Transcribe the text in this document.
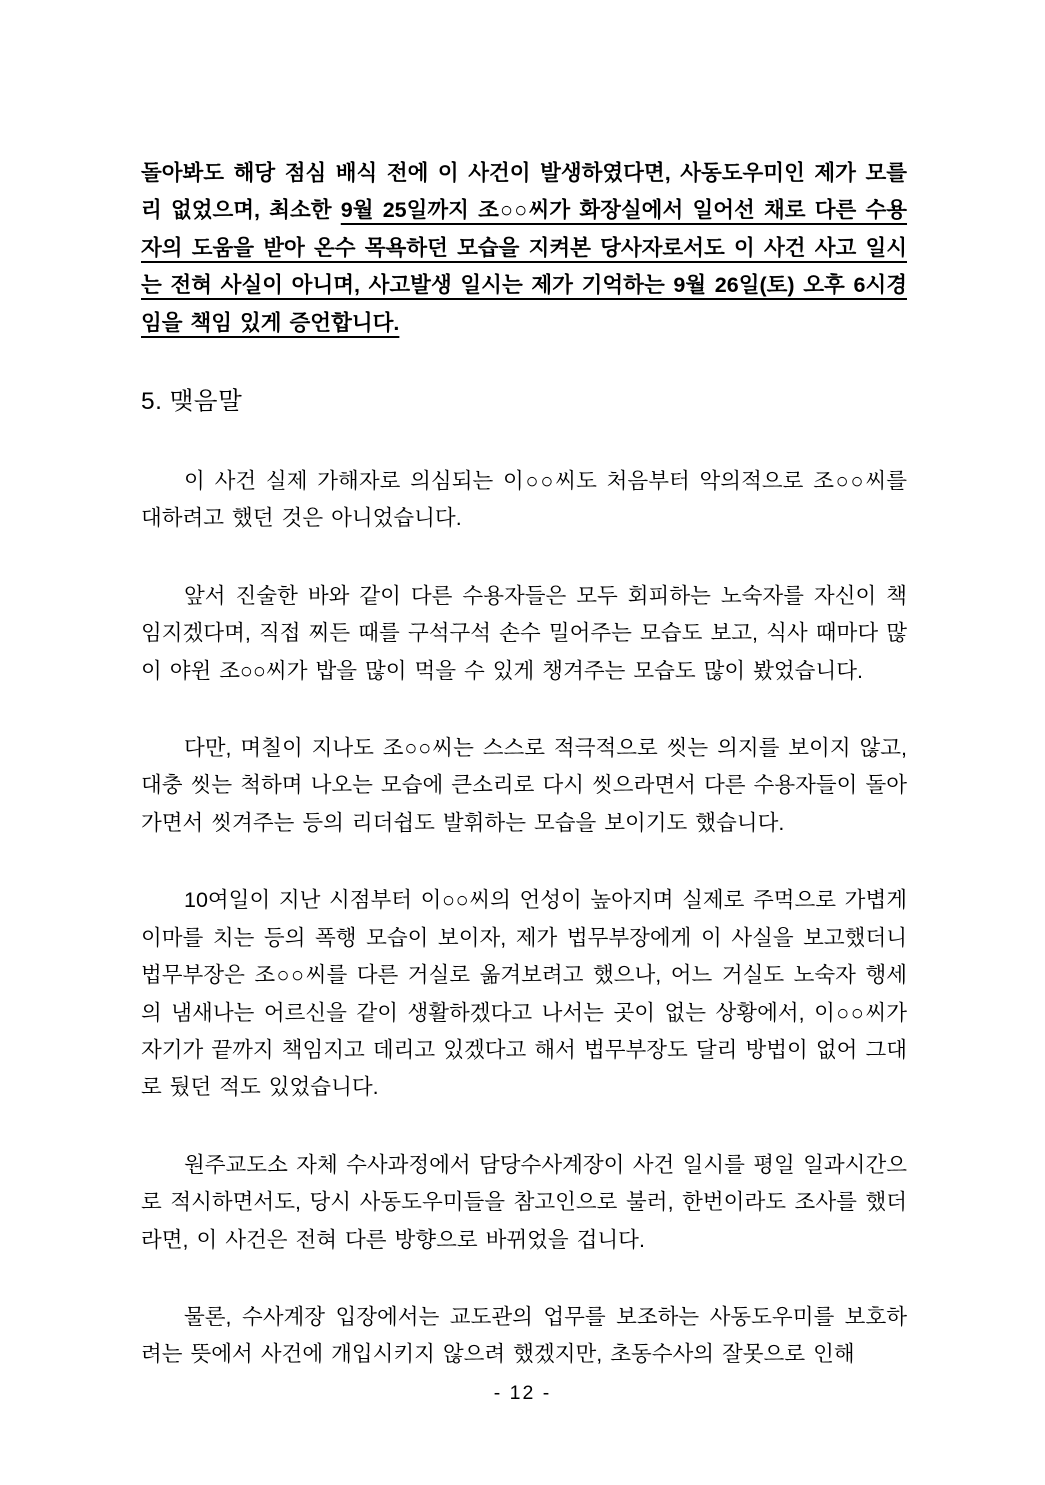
돌아봐도 해당 점심 배식 전에 이 사건이 발생하였다면, 사동도우미인 제가 모를 리 없었으며, 최소한 9월 25일까지 조○○씨가 화장실에서 일어선 채로 다른 수용자의 도움을 받아 온수 목욕하던 모습을 지켜본 당사자로서도 이 사건 사고 일시는 전혀 사실이 아니며, 사고발생 일시는 제가 기억하는 9월 26일(토) 오후 6시경임을 책임 있게 증언합니다.

5. 맺음말

이 사건 실제 가해자로 의심되는 이○○씨도 처음부터 악의적으로 조○○씨를 대하려고 했던 것은 아니었습니다.

앞서 진술한 바와 같이 다른 수용자들은 모두 회피하는 노숙자를 자신이 책임지겠다며, 직접 찌든 때를 구석구석 손수 밀어주는 모습도 보고, 식사 때마다 많이 야윈 조○○씨가 밥을 많이 먹을 수 있게 챙겨주는 모습도 많이 봤었습니다.

다만, 며칠이 지나도 조○○씨는 스스로 적극적으로 씻는 의지를 보이지 않고, 대충 씻는 척하며 나오는 모습에 큰소리로 다시 씻으라면서 다른 수용자들이 돌아가면서 씻겨주는 등의 리더쉽도 발휘하는 모습을 보이기도 했습니다.

10여일이 지난 시점부터 이○○씨의 언성이 높아지며 실제로 주먹으로 가볍게 이마를 치는 등의 폭행 모습이 보이자, 제가 법무부장에게 이 사실을 보고했더니 법무부장은 조○○씨를 다른 거실로 옮겨보려고 했으나, 어느 거실도 노숙자 행세의 냄새나는 어르신을 같이 생활하겠다고 나서는 곳이 없는 상황에서, 이○○씨가 자기가 끝까지 책임지고 데리고 있겠다고 해서 법무부장도 달리 방법이 없어 그대로 뒀던 적도 있었습니다.

원주교도소 자체 수사과정에서 담당수사계장이 사건 일시를 평일 일과시간으로 적시하면서도, 당시 사동도우미들을 참고인으로 불러, 한번이라도 조사를 했더라면, 이 사건은 전혀 다른 방향으로 바뀌었을 겁니다.

물론, 수사계장 입장에서는 교도관의 업무를 보조하는 사동도우미를 보호하려는 뜻에서 사건에 개입시키지 않으려 했겠지만, 초동수사의 잘못으로 인해

- 12 -
